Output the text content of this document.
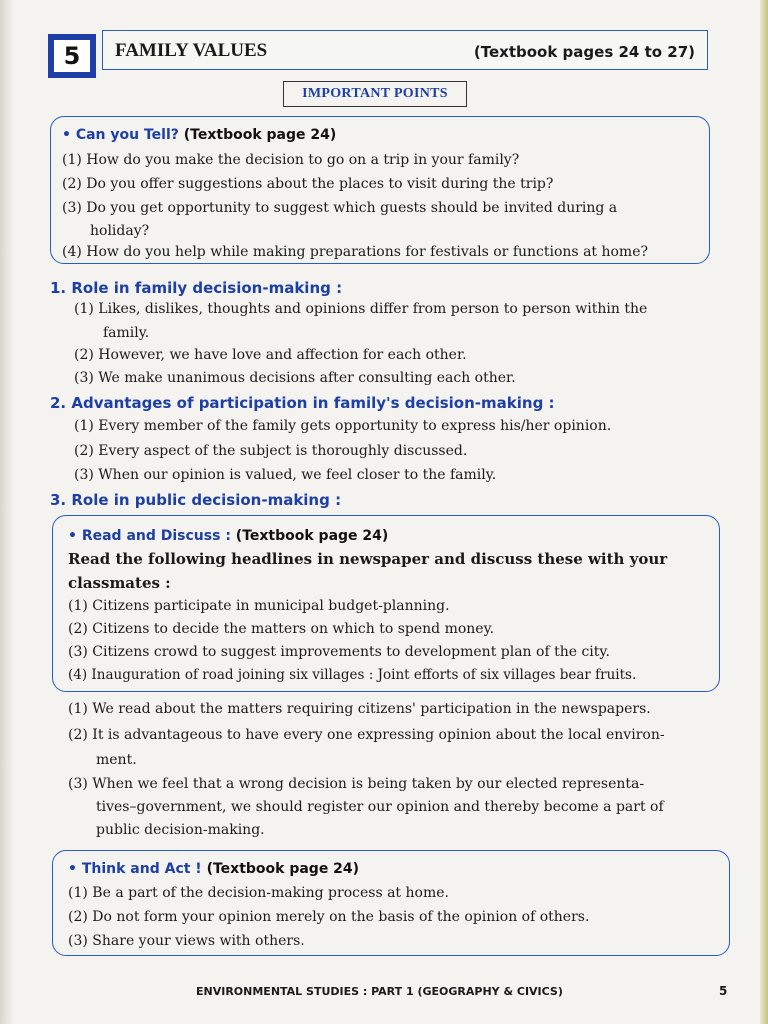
5	FAMILY VALUES	(Textbook pages 24 to 27)
IMPORTANT POINTS
• Can you Tell? (Textbook page 24)
(1) How do you make the decision to go on a trip in your family?
(2) Do you offer suggestions about the places to visit during the trip?
(3) Do you get opportunity to suggest which guests should be invited during a
holiday?
(4) How do you help while making preparations for festivals or functions at home?
1. Role in family decision-making :
(1) Likes, dislikes, thoughts and opinions differ from person to person within the
family.
(2) However, we have love and affection for each other.
(3) We make unanimous decisions after consulting each other.
2. Advantages of participation in family's decision-making :
(1) Every member of the family gets opportunity to express his/her opinion.
(2) Every aspect of the subject is thoroughly discussed.
(3) When our opinion is valued, we feel closer to the family.
3. Role in public decision-making :
• Read and Discuss : (Textbook page 24)
Read the following headlines in newspaper and discuss these with your
classmates :
(1) Citizens participate in municipal budget-planning.
(2) Citizens to decide the matters on which to spend money.
(3) Citizens crowd to suggest improvements to development plan of the city.
(4) Inauguration of road joining six villages : Joint efforts of six villages bear fruits.
(1) We read about the matters requiring citizens' participation in the newspapers.
(2) It is advantageous to have every one expressing opinion about the local environ-
ment.
(3) When we feel that a wrong decision is being taken by our elected representa-
tives–government, we should register our opinion and thereby become a part of
public decision-making.
• Think and Act ! (Textbook page 24)
(1) Be a part of the decision-making process at home.
(2) Do not form your opinion merely on the basis of the opinion of others.
(3) Share your views with others.
ENVIRONMENTAL STUDIES : PART 1 (GEOGRAPHY & CIVICS)	5
